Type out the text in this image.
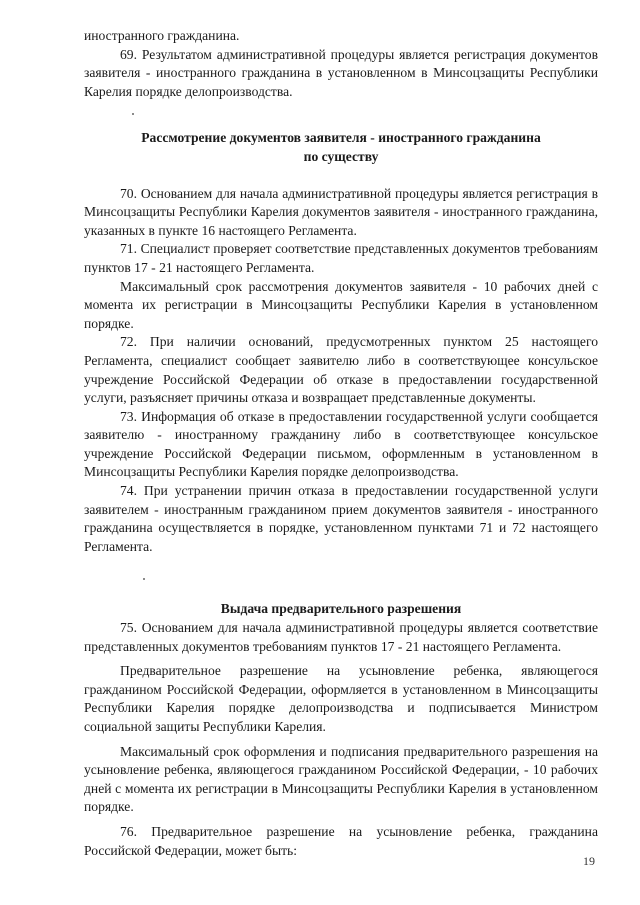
иностранного гражданина.

69. Результатом административной процедуры является регистрация документов заявителя - иностранного гражданина в установленном в Минсоцзащиты Республики Карелия порядке делопроизводства.

Рассмотрение документов заявителя - иностранного гражданина по существу

70. Основанием для начала административной процедуры является регистрация в Минсоцзащиты Республики Карелия документов заявителя - иностранного гражданина, указанных в пункте 16 настоящего Регламента.

71. Специалист проверяет соответствие представленных документов требованиям пунктов 17 - 21 настоящего Регламента.

Максимальный срок рассмотрения документов заявителя - 10 рабочих дней с момента их регистрации в Минсоцзащиты Республики Карелия в установленном порядке.

72. При наличии оснований, предусмотренных пунктом 25 настоящего Регламента, специалист сообщает заявителю либо в соответствующее консульское учреждение Российской Федерации об отказе в предоставлении государственной услуги, разъясняет причины отказа и возвращает представленные документы.

73. Информация об отказе в предоставлении государственной услуги сообщается заявителю - иностранному гражданину либо в соответствующее консульское учреждение Российской Федерации письмом, оформленным в установленном в Минсоцзащиты Республики Карелия порядке делопроизводства.

74. При устранении причин отказа в предоставлении государственной услуги заявителем - иностранным гражданином прием документов заявителя - иностранного гражданина осуществляется в порядке, установленном пунктами 71 и 72 настоящего Регламента.

Выдача предварительного разрешения

75. Основанием для начала административной процедуры является соответствие представленных документов требованиям пунктов 17 - 21 настоящего Регламента.

Предварительное разрешение на усыновление ребенка, являющегося гражданином Российской Федерации, оформляется в установленном в Минсоцзащиты Республики Карелия порядке делопроизводства и подписывается Министром социальной защиты Республики Карелия.

Максимальный срок оформления и подписания предварительного разрешения на усыновление ребенка, являющегося гражданином Российской Федерации, - 10 рабочих дней с момента их регистрации в Минсоцзащиты Республики Карелия в установленном порядке.

76. Предварительное разрешение на усыновление ребенка, гражданина Российской Федерации, может быть:

19
